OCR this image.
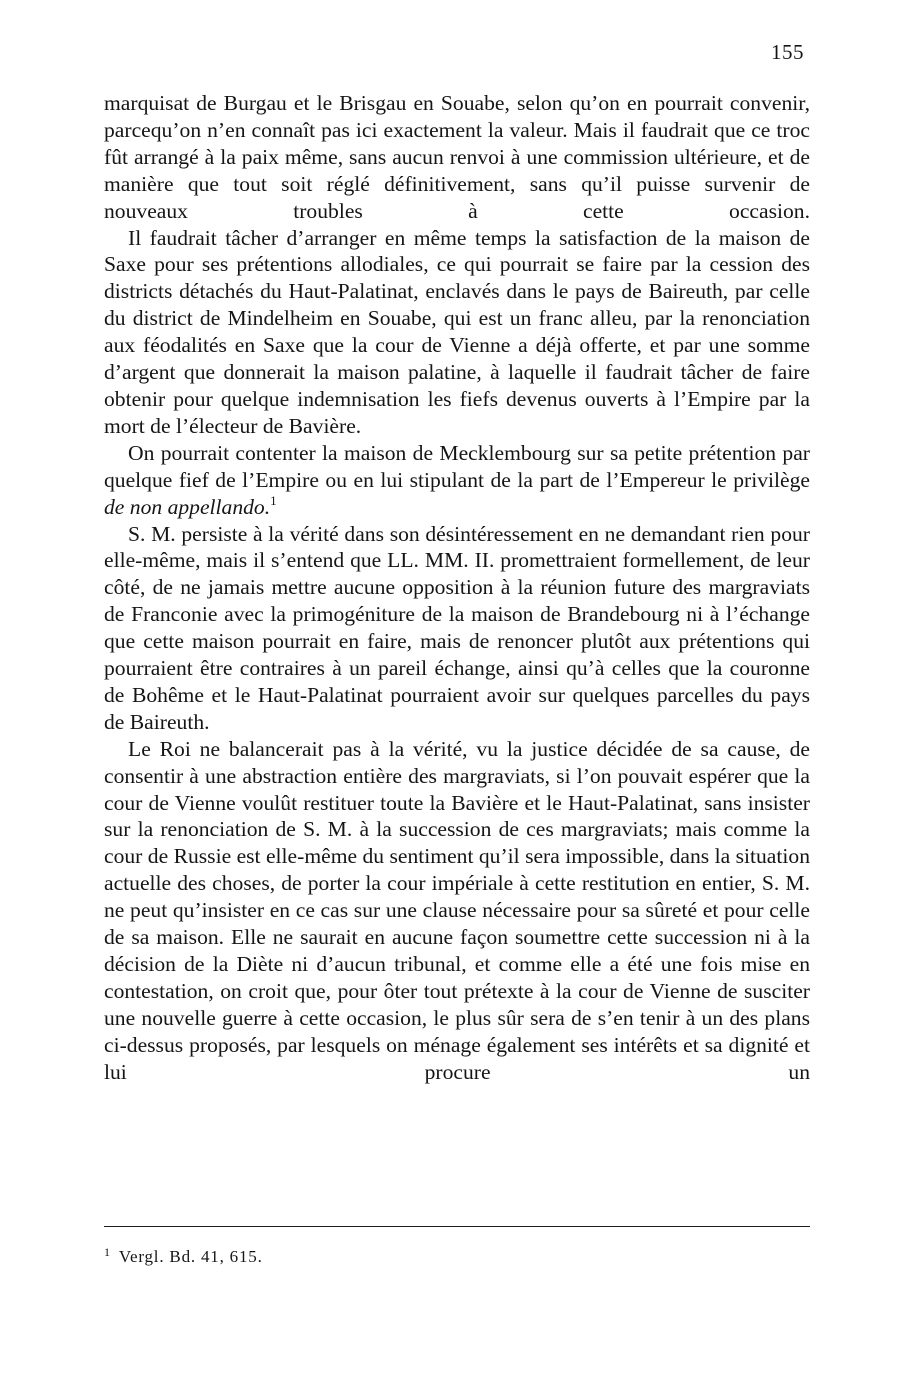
155

marquisat de Burgau et le Brisgau en Souabe, selon qu’on en pourrait convenir, parcequ’on n’en connaît pas ici exactement la valeur. Mais il faudrait que ce troc fût arrangé à la paix même, sans aucun renvoi à une commission ultérieure, et de manière que tout soit réglé définitivement, sans qu’il puisse survenir de nouveaux troubles à cette occasion.

Il faudrait tâcher d’arranger en même temps la satisfaction de la maison de Saxe pour ses prétentions allodiales, ce qui pourrait se faire par la cession des districts détachés du Haut-Palatinat, enclavés dans le pays de Baireuth, par celle du district de Mindelheim en Souabe, qui est un franc alleu, par la renonciation aux féodalités en Saxe que la cour de Vienne a déjà offerte, et par une somme d’argent que donnerait la maison palatine, à laquelle il faudrait tâcher de faire obtenir pour quelque indemnisation les fiefs devenus ouverts à l’Empire par la mort de l’électeur de Bavière.

On pourrait contenter la maison de Mecklembourg sur sa petite prétention par quelque fief de l’Empire ou en lui stipulant de la part de l’Empereur le privilège de non appellando.$^1$

S. M. persiste à la vérité dans son désintéressement en ne demandant rien pour elle-même, mais il s’entend que LL. MM. II. promettraient formellement, de leur côté, de ne jamais mettre aucune opposition à la réunion future des margraviats de Franconie avec la primogéniture de la maison de Brandebourg ni à l’échange que cette maison pourrait en faire, mais de renoncer plutôt aux prétentions qui pourraient être contraires à un pareil échange, ainsi qu’à celles que la couronne de Bohême et le Haut-Palatinat pourraient avoir sur quelques parcelles du pays de Baireuth.

Le Roi ne balancerait pas à la vérité, vu la justice décidée de sa cause, de consentir à une abstraction entière des margraviats, si l’on pouvait espérer que la cour de Vienne voulût restituer toute la Bavière et le Haut-Palatinat, sans insister sur la renonciation de S. M. à la succession de ces margraviats; mais comme la cour de Russie est elle-même du sentiment qu’il sera impossible, dans la situation actuelle des choses, de porter la cour impériale à cette restitution en entier, S. M. ne peut qu’insister en ce cas sur une clause nécessaire pour sa sûreté et pour celle de sa maison. Elle ne saurait en aucune façon soumettre cette succession ni à la décision de la Diète ni d’aucun tribunal, et comme elle a été une fois mise en contestation, on croit que, pour ôter tout prétexte à la cour de Vienne de susciter une nouvelle guerre à cette occasion, le plus sûr sera de s’en tenir à un des plans ci-dessus proposés, par lesquels on ménage également ses intérêts et sa dignité et lui procure un

$^1$ Vergl. Bd. 41, 615.
